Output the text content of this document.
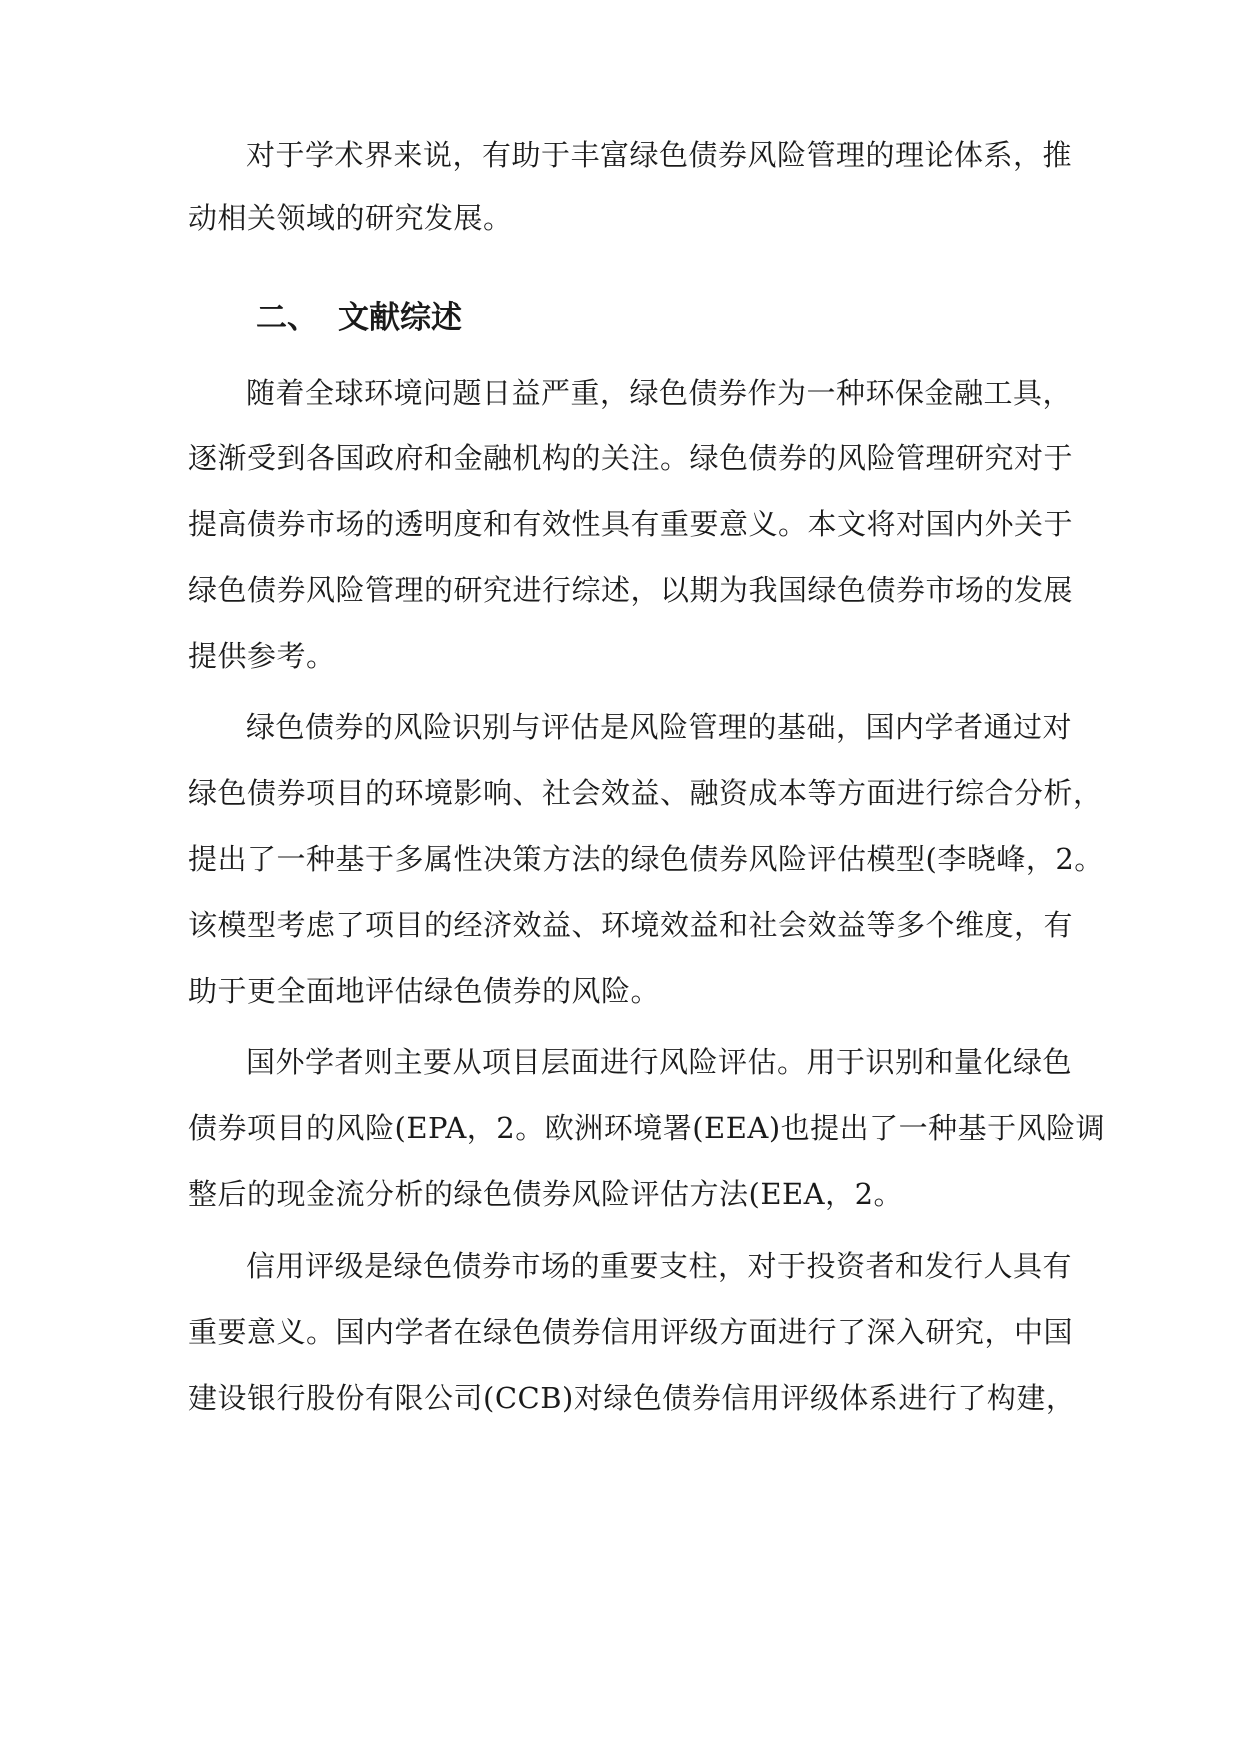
对于学术界来说，有助于丰富绿色债券风险管理的理论体系，推
动相关领域的研究发展。
二、 文献综述
随着全球环境问题日益严重，绿色债券作为一种环保金融工具，
逐渐受到各国政府和金融机构的关注。绿色债券的风险管理研究对于
提高债券市场的透明度和有效性具有重要意义。本文将对国内外关于
绿色债券风险管理的研究进行综述，以期为我国绿色债券市场的发展
提供参考。
绿色债券的风险识别与评估是风险管理的基础，国内学者通过对
绿色债券项目的环境影响、社会效益、融资成本等方面进行综合分析，
提出了一种基于多属性决策方法的绿色债券风险评估模型(李晓峰，2。
该模型考虑了项目的经济效益、环境效益和社会效益等多个维度，有
助于更全面地评估绿色债券的风险。
国外学者则主要从项目层面进行风险评估。用于识别和量化绿色
债券项目的风险(EPA，2。欧洲环境署(EEA)也提出了一种基于风险调
整后的现金流分析的绿色债券风险评估方法(EEA，2。
信用评级是绿色债券市场的重要支柱，对于投资者和发行人具有
重要意义。国内学者在绿色债券信用评级方面进行了深入研究，中国
建设银行股份有限公司(CCB)对绿色债券信用评级体系进行了构建，
